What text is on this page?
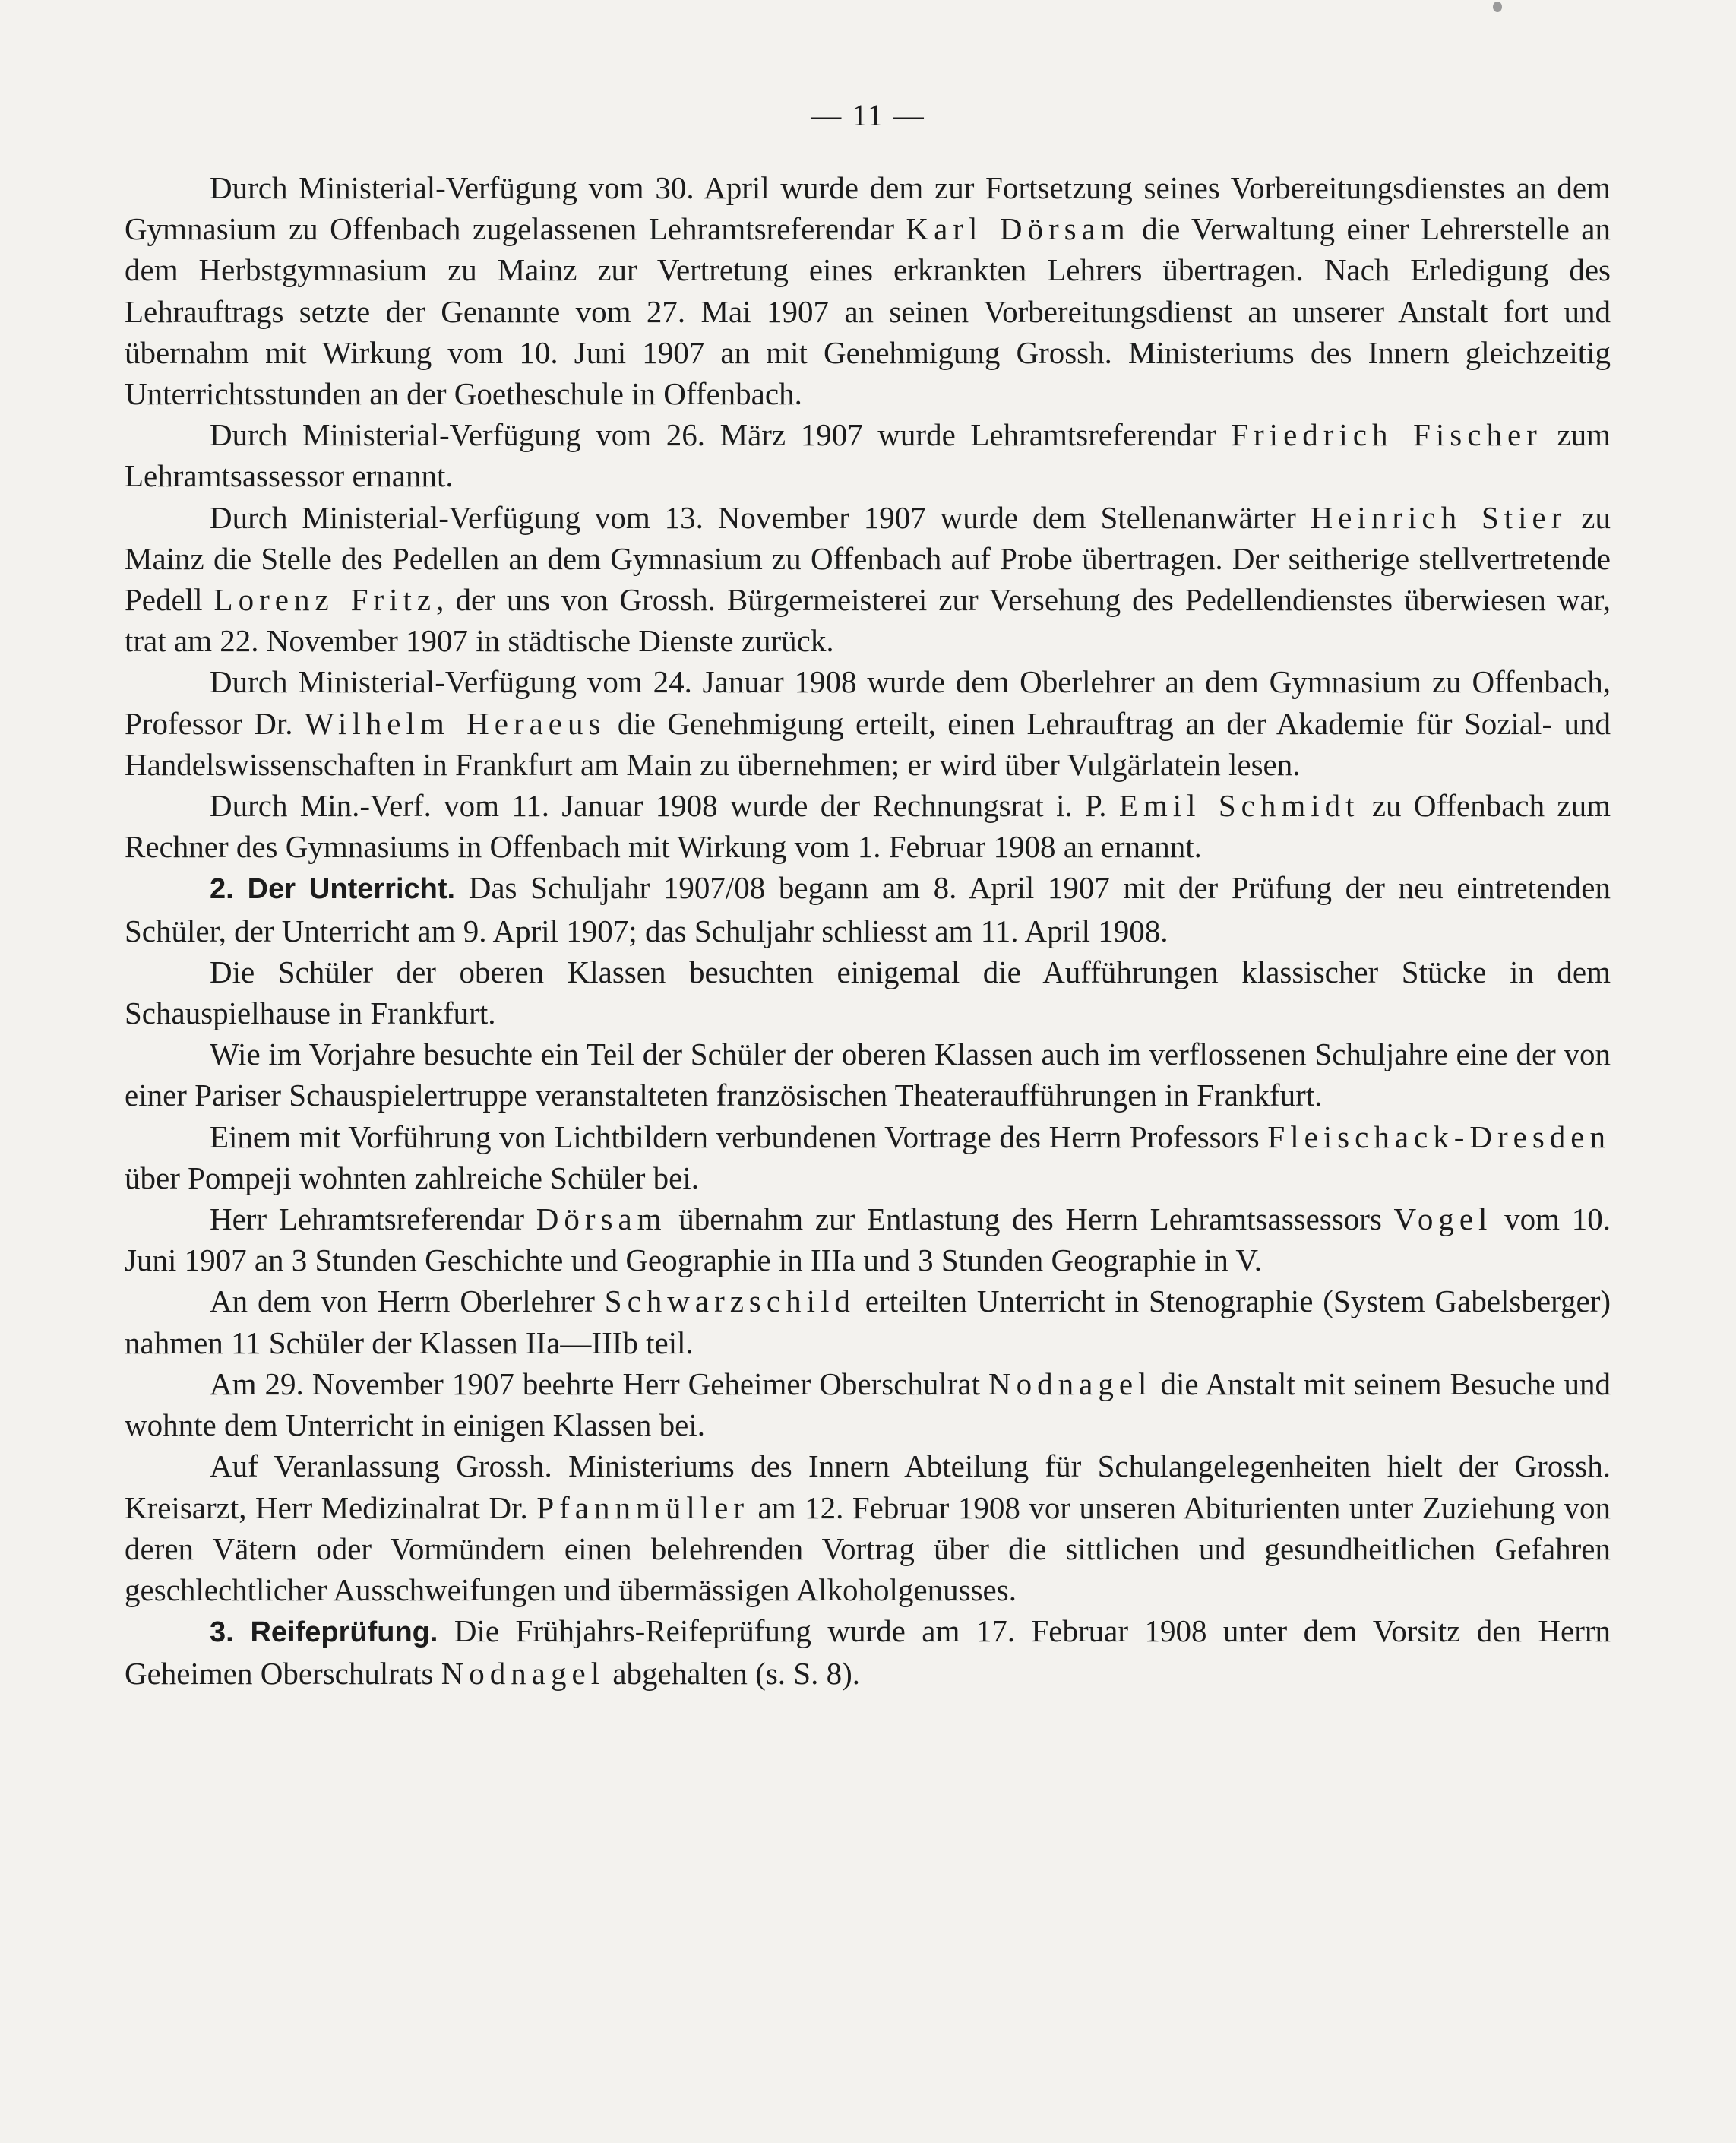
— 11 —

Durch Ministerial-Verfügung vom 30. April wurde dem zur Fortsetzung seines Vorbereitungsdienstes an dem Gymnasium zu Offenbach zugelassenen Lehramtsreferendar Karl Dörsam die Verwaltung einer Lehrerstelle an dem Herbstgymnasium zu Mainz zur Vertretung eines erkrankten Lehrers übertragen. Nach Erledigung des Lehrauftrags setzte der Genannte vom 27. Mai 1907 an seinen Vorbereitungsdienst an unserer Anstalt fort und übernahm mit Wirkung vom 10. Juni 1907 an mit Genehmigung Grossh. Ministeriums des Innern gleichzeitig Unterrichtsstunden an der Goetheschule in Offenbach.

Durch Ministerial-Verfügung vom 26. März 1907 wurde Lehramtsreferendar Friedrich Fischer zum Lehramtsassessor ernannt.

Durch Ministerial-Verfügung vom 13. November 1907 wurde dem Stellenanwärter Heinrich Stier zu Mainz die Stelle des Pedellen an dem Gymnasium zu Offenbach auf Probe übertragen. Der seitherige stellvertretende Pedell Lorenz Fritz, der uns von Grossh. Bürgermeisterei zur Versehung des Pedellendienstes überwiesen war, trat am 22. November 1907 in städtische Dienste zurück.

Durch Ministerial-Verfügung vom 24. Januar 1908 wurde dem Oberlehrer an dem Gymnasium zu Offenbach, Professor Dr. Wilhelm Heraeus die Genehmigung erteilt, einen Lehrauftrag an der Akademie für Sozial- und Handelswissenschaften in Frankfurt am Main zu übernehmen; er wird über Vulgärlatein lesen.

Durch Min.-Verf. vom 11. Januar 1908 wurde der Rechnungsrat i. P. Emil Schmidt zu Offenbach zum Rechner des Gymnasiums in Offenbach mit Wirkung vom 1. Februar 1908 an ernannt.

2. Der Unterricht. Das Schuljahr 1907/08 begann am 8. April 1907 mit der Prüfung der neu eintretenden Schüler, der Unterricht am 9. April 1907; das Schuljahr schliesst am 11. April 1908.

Die Schüler der oberen Klassen besuchten einigemal die Aufführungen klassischer Stücke in dem Schauspielhause in Frankfurt.

Wie im Vorjahre besuchte ein Teil der Schüler der oberen Klassen auch im verflossenen Schuljahre eine der von einer Pariser Schauspielertruppe veranstalteten französischen Theateraufführungen in Frankfurt.

Einem mit Vorführung von Lichtbildern verbundenen Vortrage des Herrn Professors Fleischack-Dresden über Pompeji wohnten zahlreiche Schüler bei.

Herr Lehramtsreferendar Dörsam übernahm zur Entlastung des Herrn Lehramtsassessors Vogel vom 10. Juni 1907 an 3 Stunden Geschichte und Geographie in IIIa und 3 Stunden Geographie in V.

An dem von Herrn Oberlehrer Schwarzschild erteilten Unterricht in Stenographie (System Gabelsberger) nahmen 11 Schüler der Klassen IIa—IIIb teil.

Am 29. November 1907 beehrte Herr Geheimer Oberschulrat Nodnagel die Anstalt mit seinem Besuche und wohnte dem Unterricht in einigen Klassen bei.

Auf Veranlassung Grossh. Ministeriums des Innern Abteilung für Schulangelegenheiten hielt der Grossh. Kreisarzt, Herr Medizinalrat Dr. Pfannmüller am 12. Februar 1908 vor unseren Abiturienten unter Zuziehung von deren Vätern oder Vormündern einen belehrenden Vortrag über die sittlichen und gesundheitlichen Gefahren geschlechtlicher Ausschweifungen und übermässigen Alkoholgenusses.

3. Reifeprüfung. Die Frühjahrs-Reifeprüfung wurde am 17. Februar 1908 unter dem Vorsitz den Herrn Geheimen Oberschulrats Nodnagel abgehalten (s. S. 8).
